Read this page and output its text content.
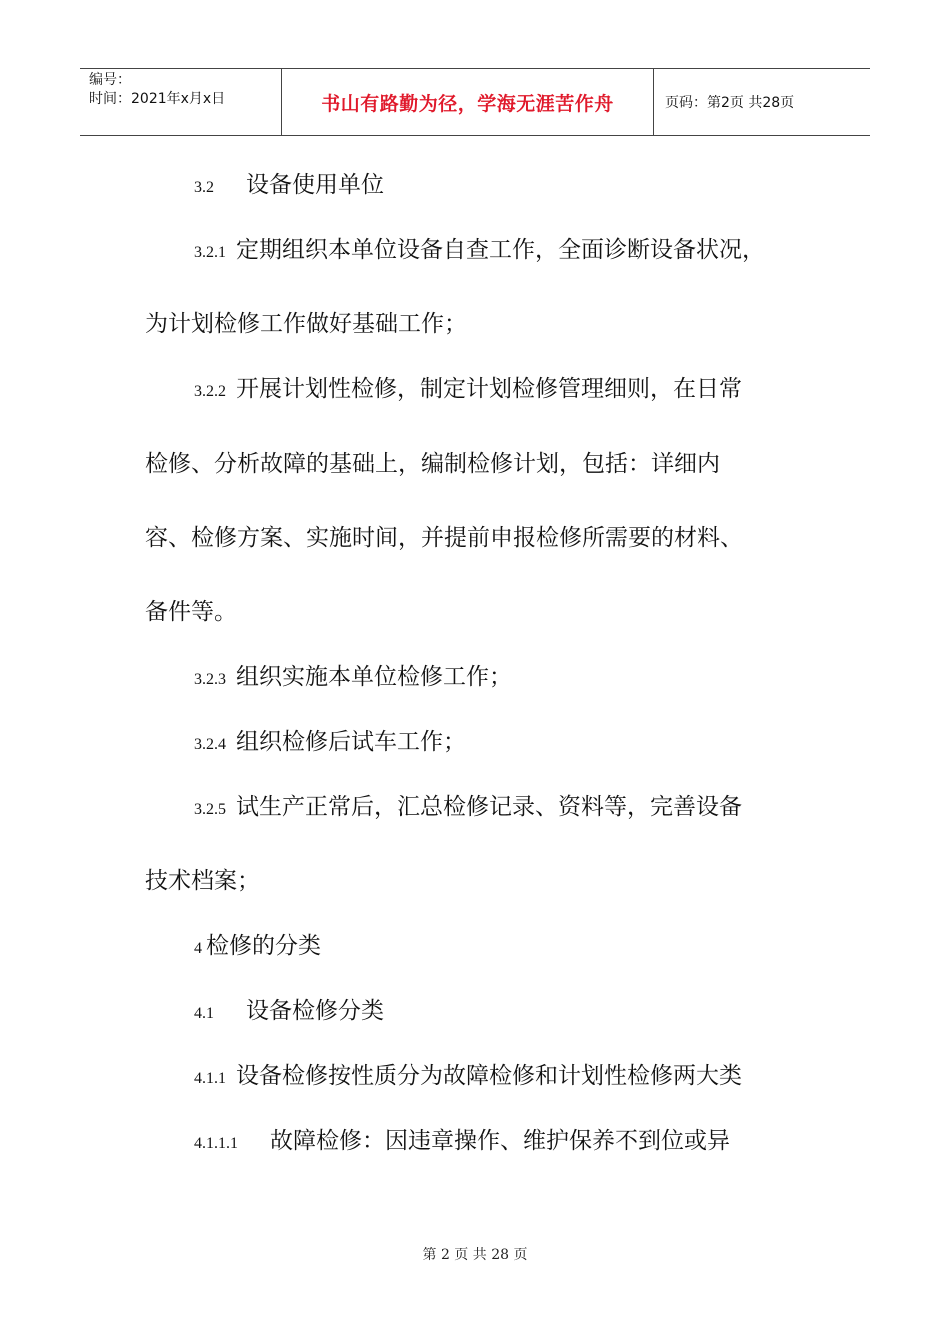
编号：
时间：2021年x月x日	书山有路勤为径，学海无涯苦作舟	页码：第2页 共28页
3.2 设备使用单位
3.2.1 定期组织本单位设备自查工作，全面诊断设备状况，
为计划检修工作做好基础工作；
3.2.2 开展计划性检修，制定计划检修管理细则，在日常
检修、分析故障的基础上，编制检修计划，包括：详细内
容、检修方案、实施时间，并提前申报检修所需要的材料、
备件等。
3.2.3 组织实施本单位检修工作；
3.2.4 组织检修后试车工作；
3.2.5 试生产正常后，汇总检修记录、资料等，完善设备
技术档案；
4 检修的分类
4.1 设备检修分类
4.1.1 设备检修按性质分为故障检修和计划性检修两大类
4.1.1.1 故障检修：因违章操作、维护保养不到位或异
第 2 页 共 28 页
